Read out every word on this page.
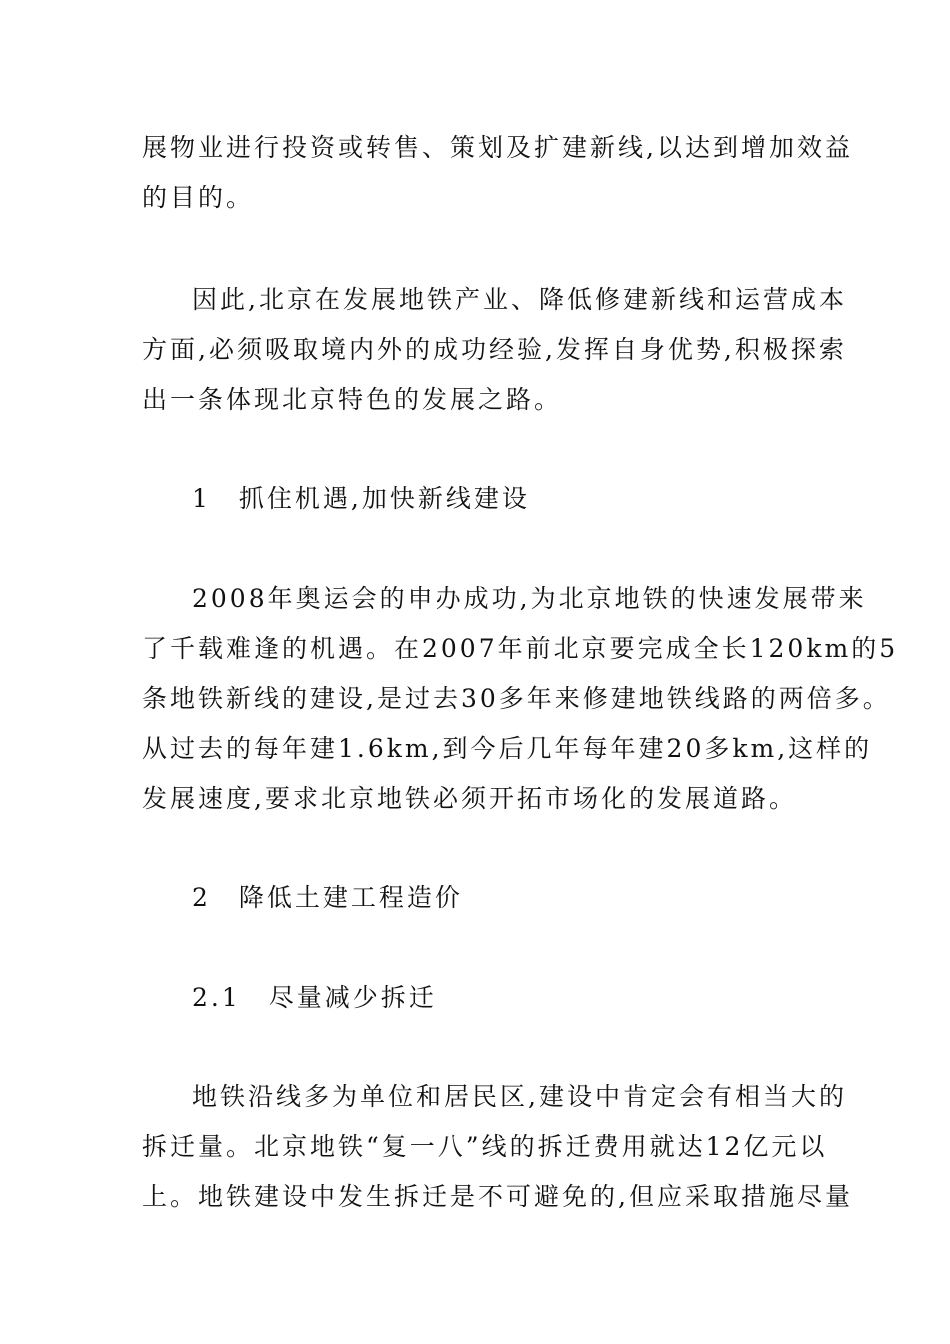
展物业进行投资或转售、策划及扩建新线,以达到增加效益
的目的。
因此,北京在发展地铁产业、降低修建新线和运营成本
方面,必须吸取境内外的成功经验,发挥自身优势,积极探索
出一条体现北京特色的发展之路。
1　抓住机遇,加快新线建设
2008年奥运会的申办成功,为北京地铁的快速发展带来
了千载难逢的机遇。在2007年前北京要完成全长120km的5
条地铁新线的建设,是过去30多年来修建地铁线路的两倍多。
从过去的每年建1.6km,到今后几年每年建20多km,这样的
发展速度,要求北京地铁必须开拓市场化的发展道路。
2　降低土建工程造价
2.1　尽量减少拆迁
地铁沿线多为单位和居民区,建设中肯定会有相当大的
拆迁量。北京地铁“复一八”线的拆迁费用就达12亿元以
上。地铁建设中发生拆迁是不可避免的,但应采取措施尽量
